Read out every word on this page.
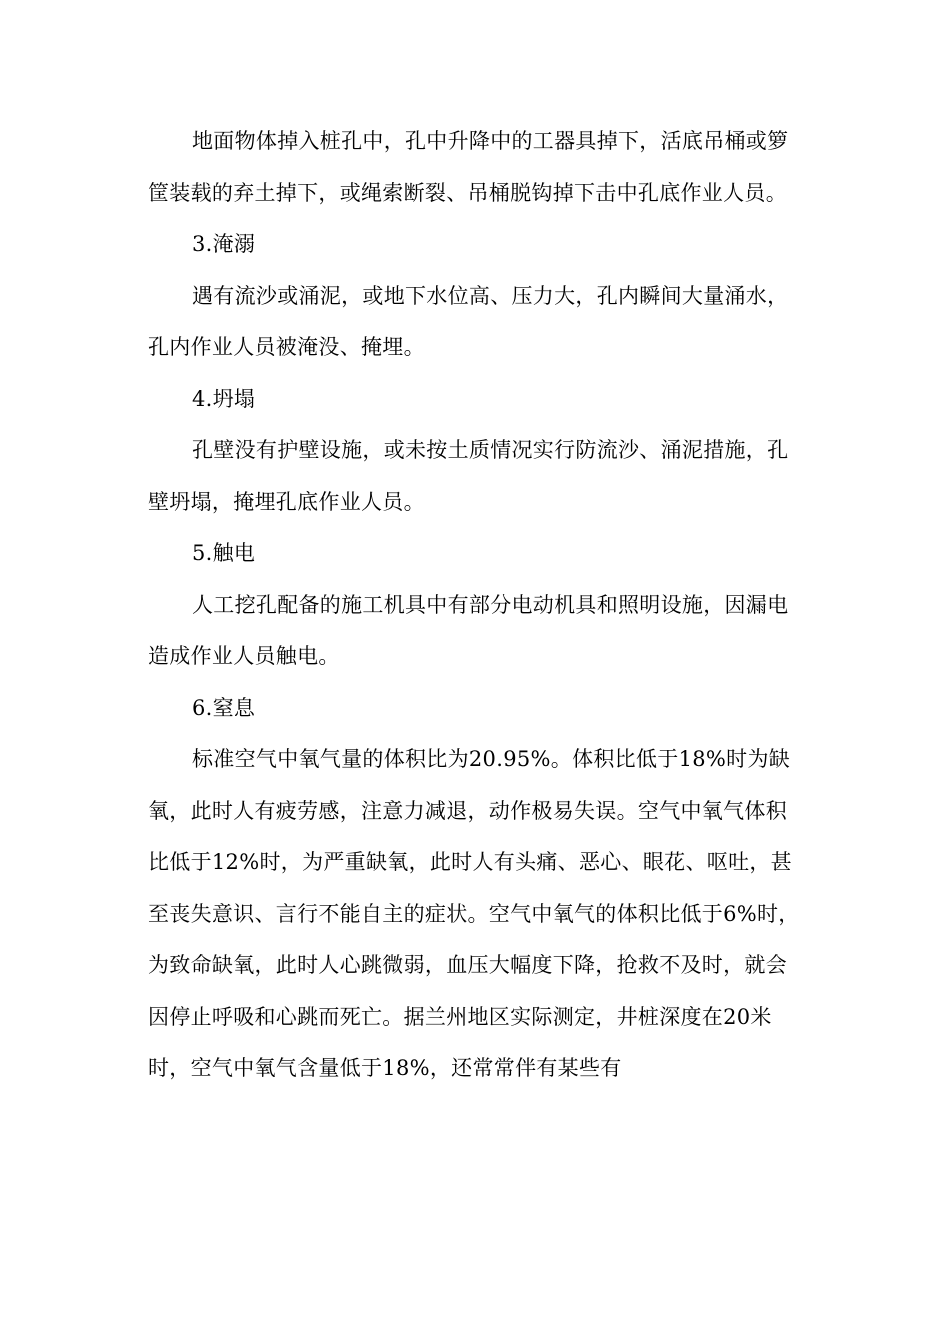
地面物体掉入桩孔中，孔中升降中的工器具掉下，活底吊桶或箩筐装载的弃土掉下，或绳索断裂、吊桶脱钩掉下击中孔底作业人员。

3.淹溺

遇有流沙或涌泥，或地下水位高、压力大，孔内瞬间大量涌水，孔内作业人员被淹没、掩埋。

4.坍塌

孔壁没有护壁设施，或未按土质情况实行防流沙、涌泥措施，孔壁坍塌，掩埋孔底作业人员。

5.触电

人工挖孔配备的施工机具中有部分电动机具和照明设施，因漏电造成作业人员触电。

6.窒息

标准空气中氧气量的体积比为20.95%。体积比低于18%时为缺氧，此时人有疲劳感，注意力减退，动作极易失误。空气中氧气体积比低于12%时，为严重缺氧，此时人有头痛、恶心、眼花、呕吐，甚至丧失意识、言行不能自主的症状。空气中氧气的体积比低于6%时，为致命缺氧，此时人心跳微弱，血压大幅度下降，抢救不及时，就会因停止呼吸和心跳而死亡。据兰州地区实际测定，井桩深度在20米时，空气中氧气含量低于18%，还常常伴有某些有
